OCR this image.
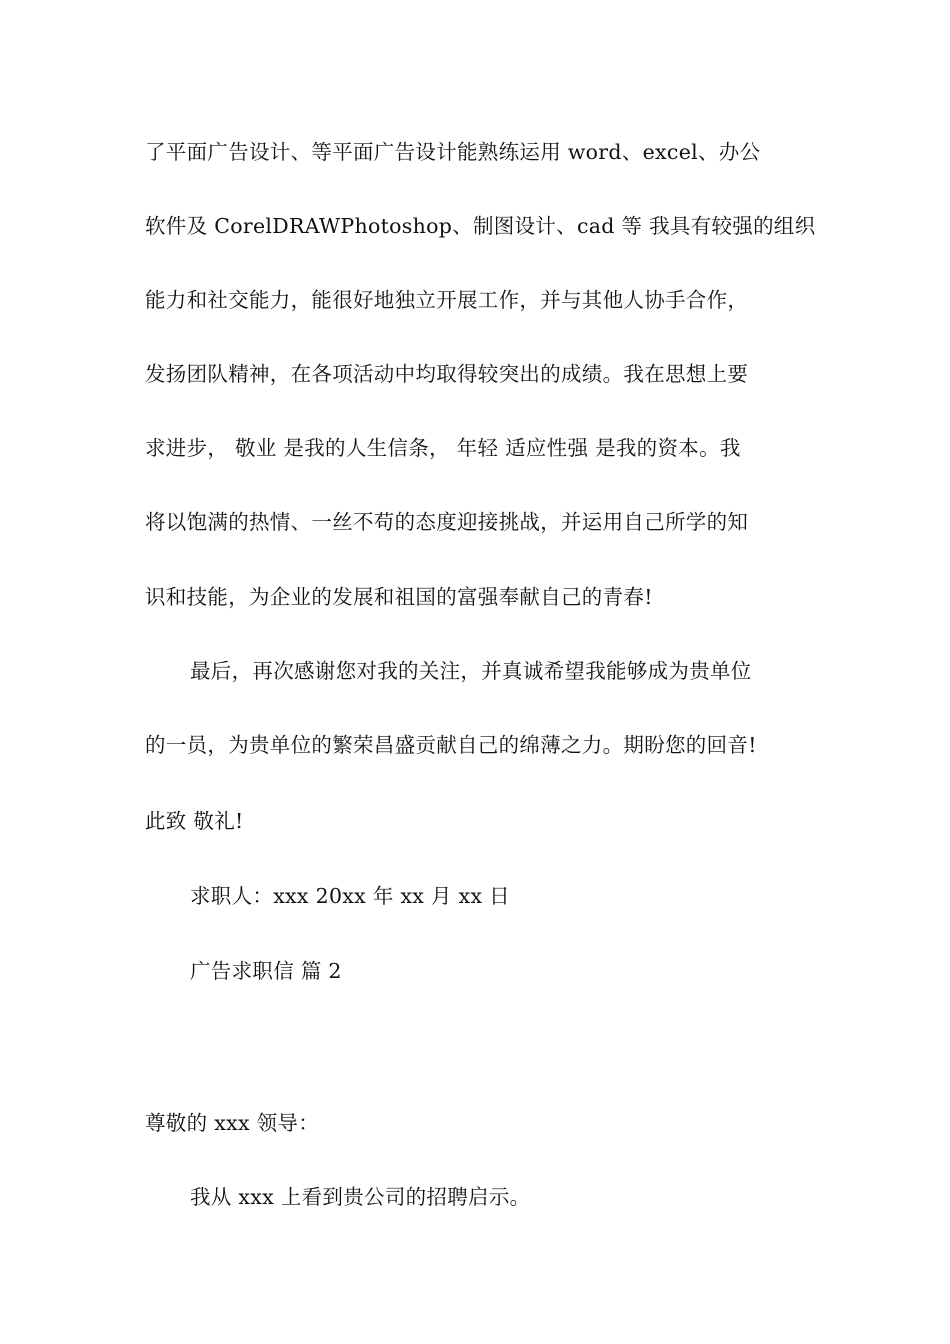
了平面广告设计、等平面广告设计能熟练运用 word、excel、办公
软件及 CorelDRAWPhotoshop、制图设计、cad 等 我具有较强的组织
能力和社交能力，能很好地独立开展工作，并与其他人协手合作，
发扬团队精神，在各项活动中均取得较突出的成绩。我在思想上要
求进步， 敬业 是我的人生信条， 年轻 适应性强 是我的资本。我
将以饱满的热情、一丝不苟的态度迎接挑战，并运用自己所学的知
识和技能，为企业的发展和祖国的富强奉献自己的青春!
最后，再次感谢您对我的关注，并真诚希望我能够成为贵单位
的一员，为贵单位的繁荣昌盛贡献自己的绵薄之力。期盼您的回音!
此致 敬礼!
求职人：xxx 20xx 年 xx 月 xx 日
广告求职信 篇 2
尊敬的 xxx 领导：
我从 xxx 上看到贵公司的招聘启示。
